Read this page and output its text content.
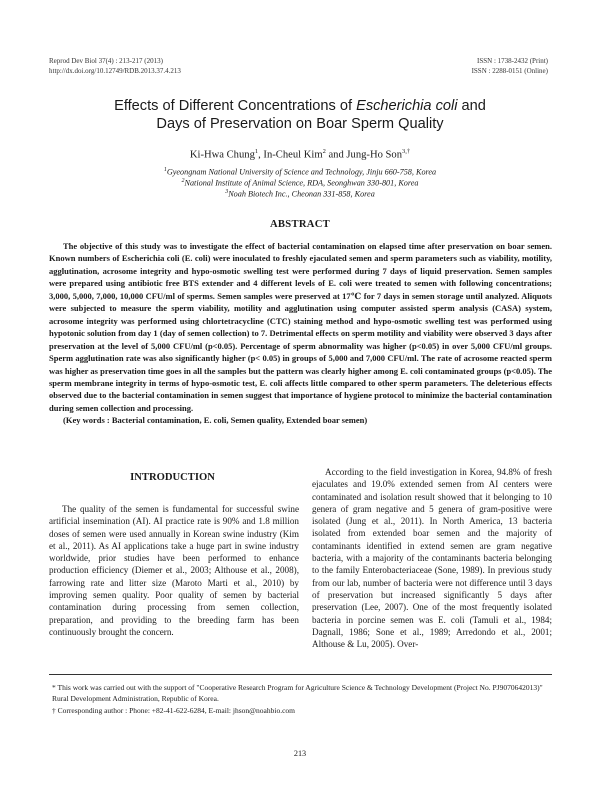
Reprod Dev Biol 37(4) : 213-217 (2013)
http://dx.doi.org/10.12749/RDB.2013.37.4.213
ISSN : 1738-2432 (Print)
ISSN : 2288-0151 (Online)
Effects of Different Concentrations of Escherichia coli and
Days of Preservation on Boar Sperm Quality
Ki-Hwa Chung$^1$, In-Cheul Kim$^2$ and Jung-Ho Son$^{3,\dagger}$
$^1$Gyeongnam National University of Science and Technology, Jinju 660-758, Korea
$^2$National Institute of Animal Science, RDA, Seonghwan 330-801, Korea
$^3$Noah Biotech Inc., Cheonan 331-858, Korea
ABSTRACT

The objective of this study was to investigate the effect of bacterial contamination on elapsed time after preservation on boar semen. Known numbers of Escherichia coli (E. coli) were inoculated to freshly ejaculated semen and sperm parameters such as viability, motility, agglutination, acrosome integrity and hypo-osmotic swelling test were performed during 7 days of liquid preservation. Semen samples were prepared using antibiotic free BTS extender and 4 different levels of E. coli were treated to semen with following concentrations; 3,000, 5,000, 7,000, 10,000 CFU/ml of sperms. Semen samples were preserved at 17℃ for 7 days in semen storage until analyzed. Aliquots were subjected to measure the sperm viability, motility and agglutination using computer assisted sperm analysis (CASA) system, acrosome integrity was performed using chlortetracycline (CTC) staining method and hypo-osmotic swelling test was performed using hypotonic solution from day 1 (day of semen collection) to 7. Detrimental effects on sperm motility and viability were observed 3 days after preservation at the level of 5,000 CFU/ml (p<0.05). Percentage of sperm abnormality was higher (p<0.05) in over 5,000 CFU/ml groups. Sperm agglutination rate was also significantly higher (p< 0.05) in groups of 5,000 and 7,000 CFU/ml. The rate of acrosome reacted sperm was higher as preservation time goes in all the samples but the pattern was clearly higher among E. coli contaminated groups (p<0.05). The sperm membrane integrity in terms of hypo-osmotic test, E. coli affects little compared to other sperm parameters. The deleterious effects observed due to the bacterial contamination in semen suggest that importance of hygiene protocol to minimize the bacterial contamination during semen collection and processing.

(Key words : Bacterial contamination, E. coli, Semen quality, Extended boar semen)

INTRODUCTION

The quality of the semen is fundamental for successful swine artificial insemination (AI). AI practice rate is 90% and 1.8 million doses of semen were used annually in Korean swine industry (Kim et al., 2011). As AI applications take a huge part in swine industry worldwide, prior studies have been performed to enhance production efficiency (Diemer et al., 2003; Althouse et al., 2008), farrowing rate and litter size (Maroto Marti et al., 2010) by improving semen quality. Poor quality of semen by bacterial contamination during processing from semen collection, preparation, and providing to the breeding farm has been continuously brought the concern.

According to the field investigation in Korea, 94.8% of fresh ejaculates and 19.0% extended semen from AI centers were contaminated and isolation result showed that it belonging to 10 genera of gram negative and 5 genera of gram-positive were isolated (Jung et al., 2011). In North America, 13 bacteria isolated from extended boar semen and the majority of contaminants identified in extend semen are gram negative bacteria, with a majority of the contaminants bacteria belonging to the family Enterobacteriaceae (Sone, 1989). In previous study from our lab, number of bacteria were not difference until 3 days of preservation but increased significantly 5 days after preservation (Lee, 2007). One of the most frequently isolated bacteria in porcine semen was E. coli (Tamuli et al., 1984; Dagnall, 1986; Sone et al., 1989; Arredondo et al., 2001; Althouse & Lu, 2005). Over-

* This work was carried out with the support of "Cooperative Research Program for Agriculture Science & Technology Development (Project No. PJ9070642013)" Rural Development Administration, Republic of Korea.

† Corresponding author : Phone: +82-41-622-6284, E-mail: jhson@noahbio.com

213
